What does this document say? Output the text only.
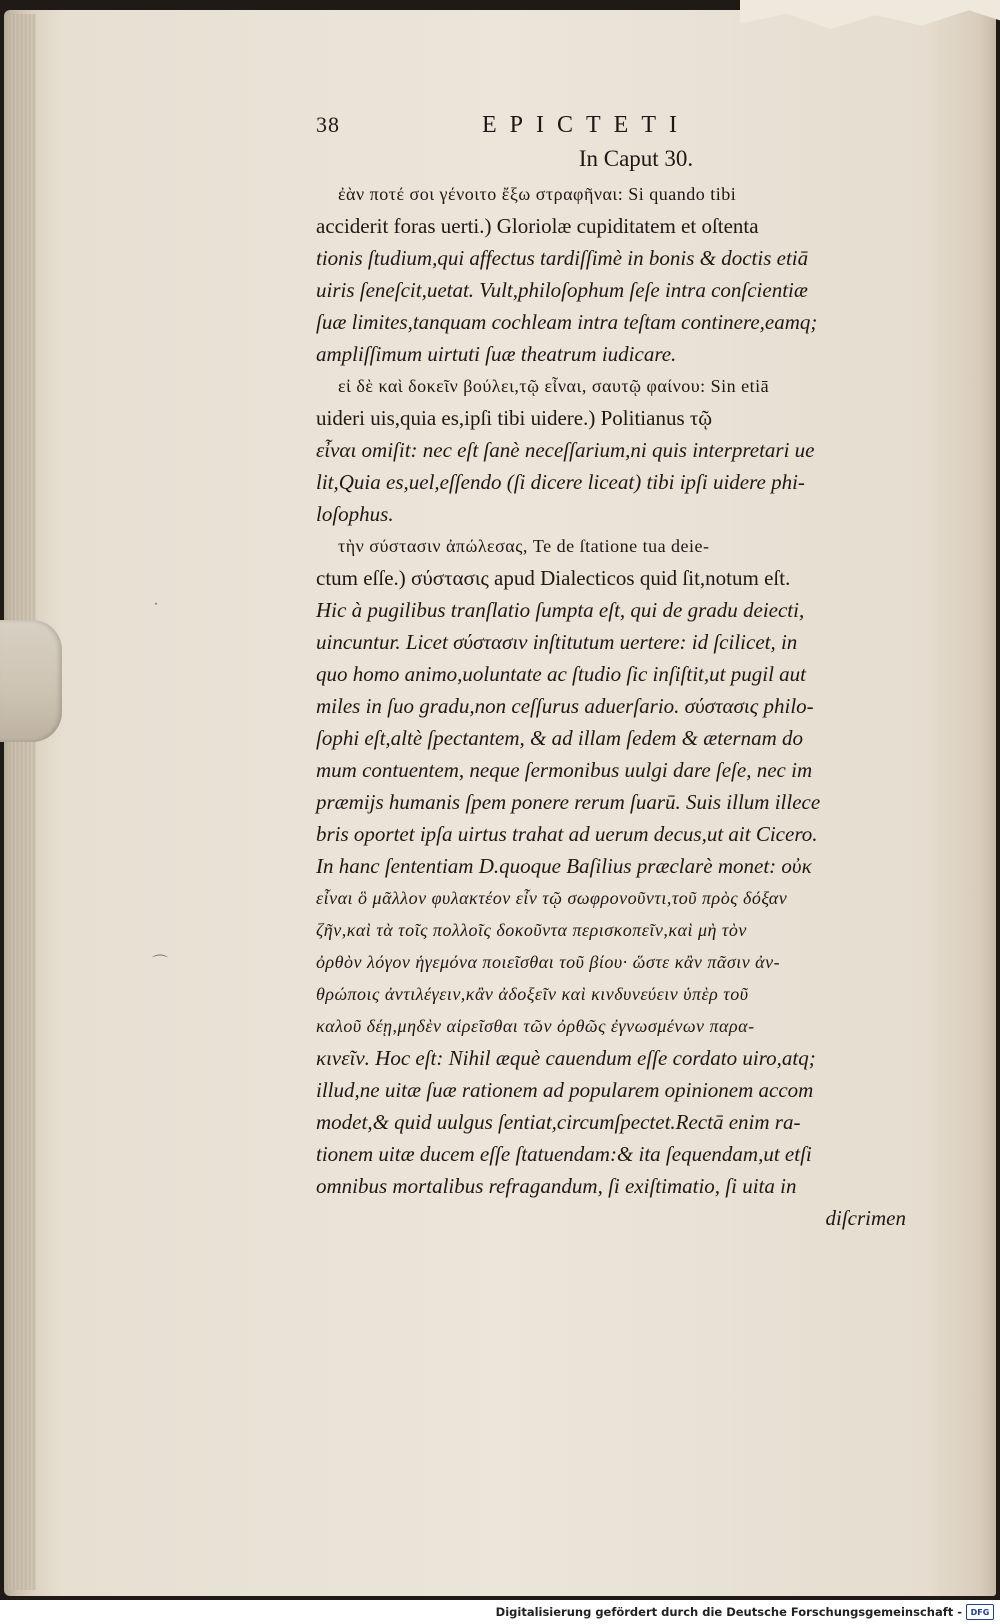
˙
⌒
38	EPICTETI
In Caput 30.
ἐὰν ποτέ σοι γένοιτο ἔξω στραφῆναι: Si quando tibi
acciderit foras uerti.) Gloriolæ cupiditatem et oſtenta
tionis ſtudium,qui affectus tardiſſimè in bonis & doctis etiā
uiris ſeneſcit,uetat. Vult,philoſophum ſeſe intra conſcientiæ
ſuæ limites,tanquam cochleam intra teſtam continere,eamq;
ampliſſimum uirtuti ſuæ theatrum iudicare.
εἰ δὲ καὶ δοκεῖν βούλει,τῷ εἶναι, σαυτῷ φαίνου: Sin etiā
uideri uis,quia es,ipſi tibi uidere.) Politianus τῷ
εἶναι omiſit: nec eſt ſanè neceſſarium,ni quis interpretari ue
lit,Quia es,uel,eſſendo (ſi dicere liceat) tibi ipſi uidere phi-
loſophus.
τὴν σύστασιν ἀπώλεσας, Te de ſtatione tua deie-
ctum eſſe.) σύστασις apud Dialecticos quid ſit,notum eſt.
Hic à pugilibus tranſlatio ſumpta eſt, qui de gradu deiecti,
uincuntur. Licet σύστασιν inſtitutum uertere: id ſcilicet, in
quo homo animo,uoluntate ac ſtudio ſic inſiſtit,ut pugil aut
miles in ſuo gradu,non ceſſurus aduerſario. σύστασις philo-
ſophi eſt,altè ſpectantem, & ad illam ſedem & æternam do
mum contuentem, neque ſermonibus uulgi dare ſeſe, nec im
præmijs humanis ſpem ponere rerum ſuarū. Suis illum illece
bris oportet ipſa uirtus trahat ad uerum decus,ut ait Cicero.
In hanc ſententiam D.quoque Baſilius præclarè monet: οὐκ
εἶναι ὃ μᾶλλον φυλακτέον εἶν τῷ σωφρονοῦντι,τοῦ πρὸς δόξαν
ζῆν,καὶ τὰ τοῖς πολλοῖς δοκοῦντα περισκοπεῖν,καὶ μὴ τὸν
ὀρθὸν λόγον ἡγεμόνα ποιεῖσθαι τοῦ βίου· ὥστε κἂν πᾶσιν ἀν-
θρώποις ἀντιλέγειν,κἂν ἀδοξεῖν καὶ κινδυνεύειν ὑπὲρ τοῦ
καλοῦ δέῃ,μηδὲν αἱρεῖσθαι τῶν ὀρθῶς ἐγνωσμένων παρα-
κινεῖν. Hoc eſt: Nihil æquè cauendum eſſe cordato uiro,atq;
illud,ne uitæ ſuæ rationem ad popularem opinionem accom
modet,& quid uulgus ſentiat,circumſpectet.Rectā enim ra-
tionem uitæ ducem eſſe ſtatuendam:& ita ſequendam,ut etſi
omnibus mortalibus refragandum, ſi exiſtimatio, ſi uita in
diſcrimen
Digitalisierung gefördert durch die Deutsche Forschungsgemeinschaft -	DFG
